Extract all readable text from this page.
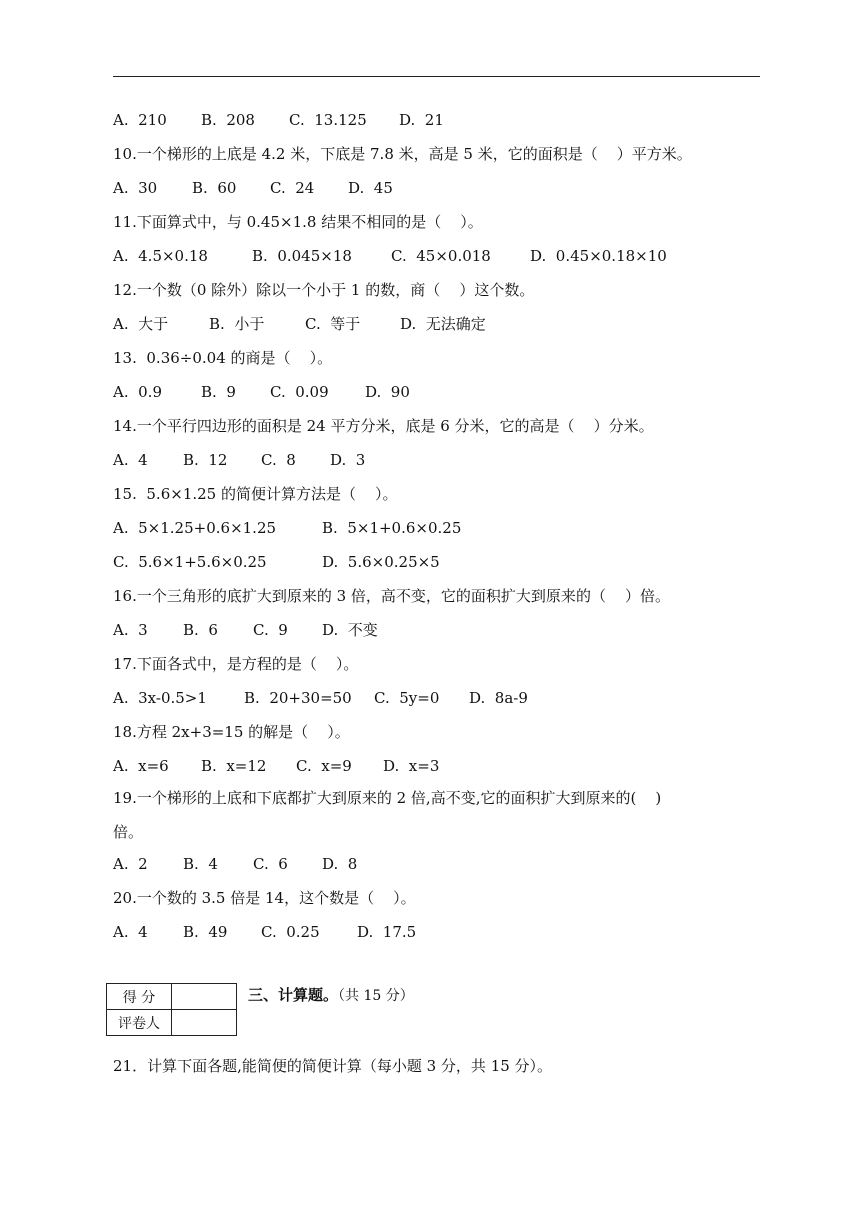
A.  210 B.  208 C.  13.125 D.  21
10.一个梯形的上底是 4.2 米，下底是 7.8 米，高是 5 米，它的面积是（    ）平方米。
A.  30 B.  60 C.  24 D.  45
11.下面算式中，与 0.45×1.8 结果不相同的是（    ）。
A.  4.5×0.18	B.  0.045×18	C.  45×0.018	D.  0.45×0.18×10
12.一个数（0 除外）除以一个小于 1 的数，商（    ）这个数。
A.  大于	B.  小于	C.  等于	D.  无法确定
13.  0.36÷0.04 的商是（    ）。
A.  0.9	B.  9 C.  0.09 D.  90
14.一个平行四边形的面积是 24 平方分米，底是 6 分米，它的高是（    ）分米。
A.  4 B.  12 C.  8 D.  3
15.  5.6×1.25 的简便计算方法是（    ）。
A.  5×1.25+0.6×1.25	B.  5×1+0.6×0.25
C.  5.6×1+5.6×0.25	D.  5.6×0.25×5
16.一个三角形的底扩大到原来的 3 倍，高不变，它的面积扩大到原来的（    ）倍。
A.  3 B.  6 C.  9 D.  不变
17.下面各式中，是方程的是（    ）。
A.  3x-0.5>1 B.  20+30=50 C.  5y=0 D.  8a-9
18.方程 2x+3=15 的解是（    ）。
A.  x=6 B.  x=12 C.  x=9 D.  x=3
19.一个梯形的上底和下底都扩大到原来的 2 倍,高不变,它的面积扩大到原来的(    )
倍。
A.  2 B.  4 C.  6 D.  8
20.一个数的 3.5 倍是 14，这个数是（    ）。
A.  4 B.  49 C.  0.25 D.  17.5
得 分	
评卷人	
三、计算题。（共 15 分）
21．计算下面各题,能简便的简便计算（每小题 3 分，共 15 分）。
